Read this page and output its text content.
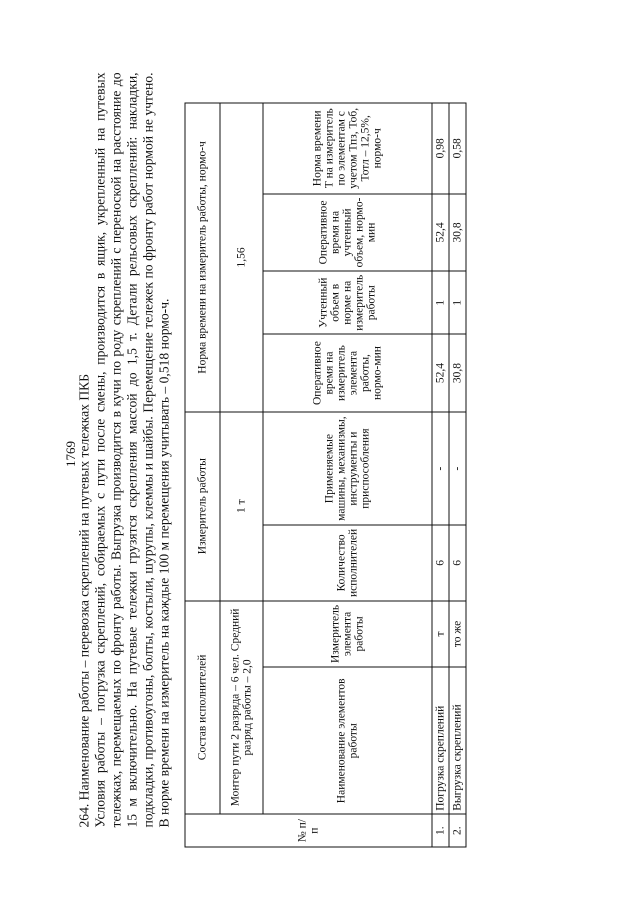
1769
264. Наименование работы – перевозка скреплений на путевых тележках ПКБ Условия работы – погрузка скреплений, собираемых с пути после смены, производится в ящик, укрепленный на путевых тележках, перемещаемых по фронту работы. Выгрузка производится в кучи по роду скреплений с переноской на расстояние до 15 м включительно. На путевые тележки грузятся скрепления массой до 1,5 т. Детали рельсовых скреплений: накладки, подкладки, противоугоны, болты, костыли, шурупы, клеммы и шайбы. Перемещение тележек по фронту работ нормой не учтено. В норме времени на измеритель на каждые 100 м перемещения учитывать – 0,518 нормо-ч.
№ п/п	Состав исполнителей		Измеритель работы		Норма времени на измеритель работы, нормо-ч			
	Монтер пути 2 разряда – 6 чел. Средний разряд работы – 2,0		1 т		1,56			
	Наименование элементов работы	Измеритель элемента работы	Количество исполнителей	Применяемые машины, механизмы, инструменты и приспособления	Оперативное время на измеритель элемента работы, нормо-мин	Учтенный объем в норме на измеритель работы	Оперативное время на учтенный объем, нормо-мин	Норма времени Т на измеритель по элементам с учетом Тпз, Тоб, Тотл – 12,5%, нормо-ч
1.	Погрузка скреплений	т	6	-	52,4	1	52,4	0,98
2.	Выгрузка скреплений	то же	6	-	30,8	1	30,8	0,58
